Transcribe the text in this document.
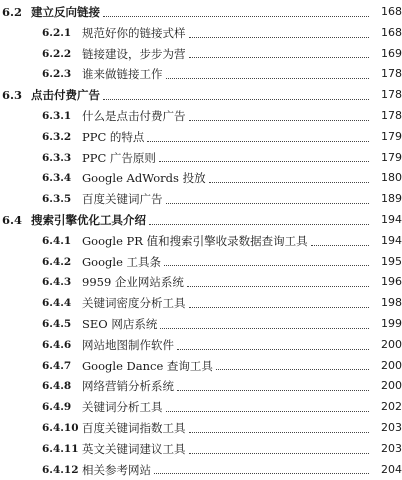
6.2 建立反向链接	168
6.2.1 规范好你的链接式样	168
6.2.2 链接建设，步步为营	169
6.2.3 谁来做链接工作	178
6.3 点击付费广告	178
6.3.1 什么是点击付费广告	178
6.3.2 PPC 的特点	179
6.3.3 PPC 广告原则	179
6.3.4 Google AdWords 投放	180
6.3.5 百度关键词广告	189
6.4 搜索引擎优化工具介绍	194
6.4.1 Google PR 值和搜索引擎收录数据查询工具	194
6.4.2 Google 工具条	195
6.4.3 9959 企业网站系统	196
6.4.4 关键词密度分析工具	198
6.4.5 SEO 网店系统	199
6.4.6 网站地图制作软件	200
6.4.7 Google Dance 查询工具	200
6.4.8 网络营销分析系统	200
6.4.9 关键词分析工具	202
6.4.10 百度关键词指数工具	203
6.4.11 英文关键词建议工具	203
6.4.12 相关参考网站	204
